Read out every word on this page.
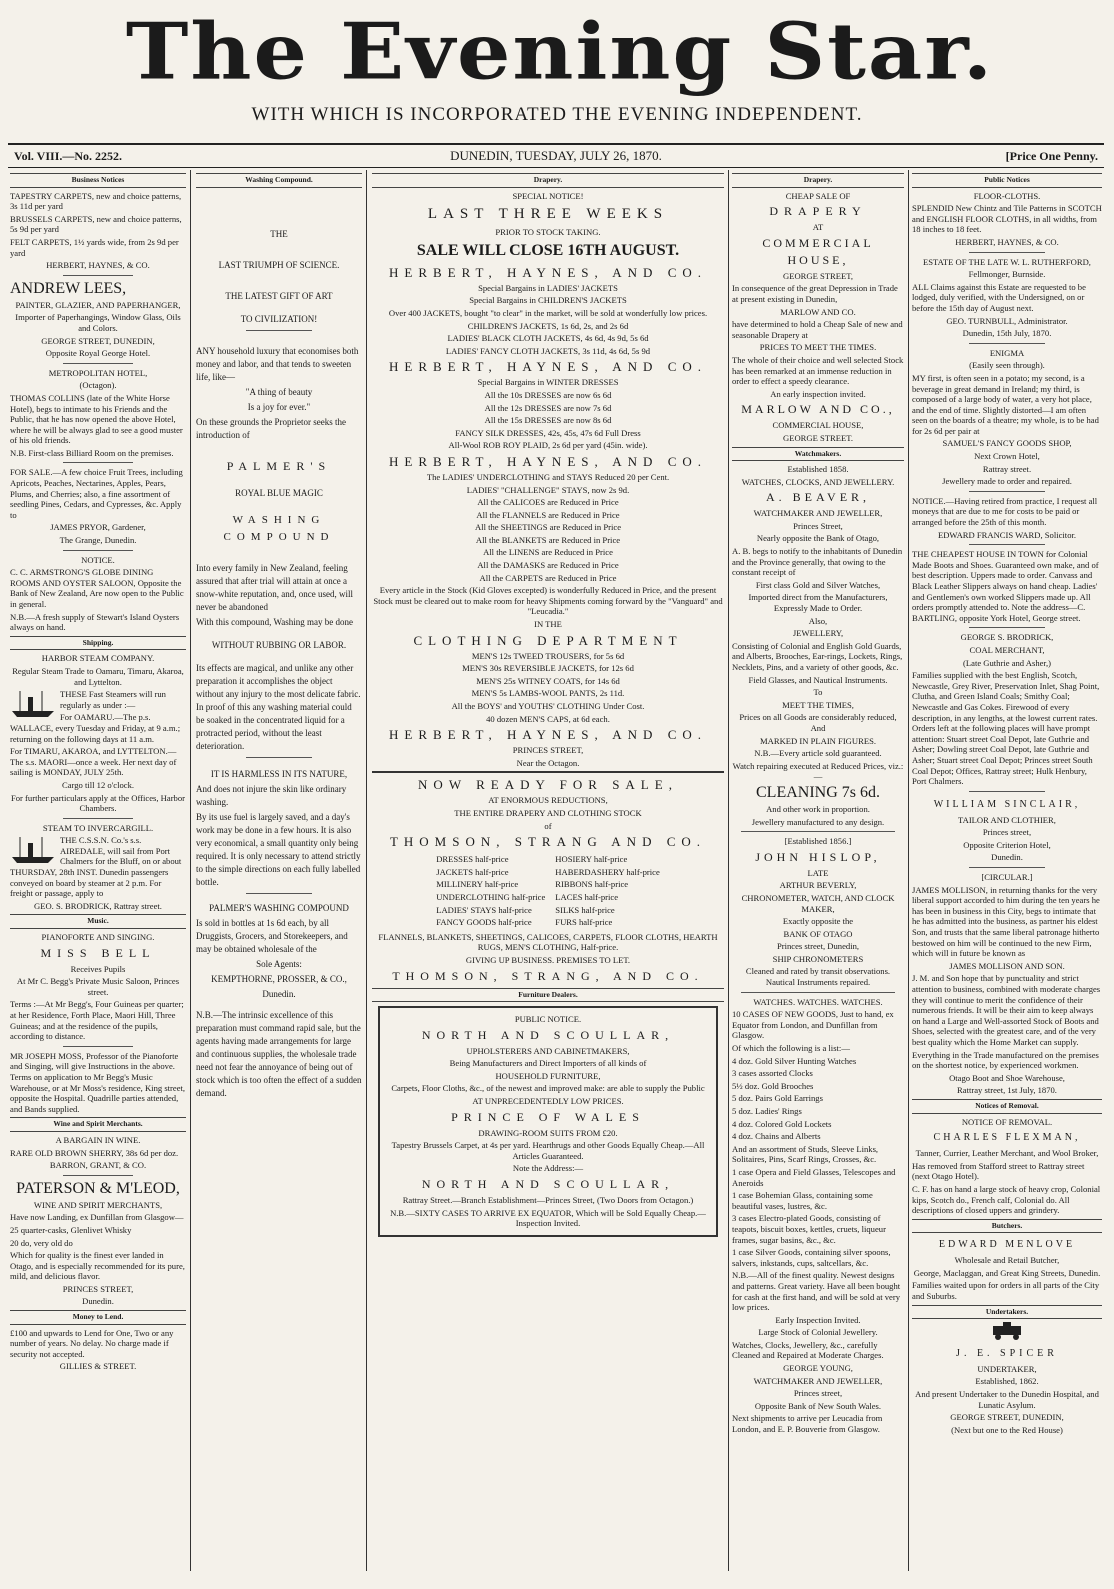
The Evening Star.
WITH WHICH IS INCORPORATED THE EVENING INDEPENDENT.
Vol. VIII.—No. 2252.	DUNEDIN, TUESDAY, JULY 26, 1870.	[Price One Penny.
Business Notices

TAPESTRY CARPETS, new and choice patterns, 3s 11d per yard

BRUSSELS CARPETS, new and choice patterns, 5s 9d per yard

FELT CARPETS, 1½ yards wide, from 2s 9d per yard

HERBERT, HAYNES, & CO.

ANDREW LEES,

PAINTER, GLAZIER, AND PAPERHANGER,

Importer of Paperhangings, Window Glass, Oils and Colors.

GEORGE STREET, DUNEDIN,

Opposite Royal George Hotel.

METROPOLITAN HOTEL,

(Octagon).

THOMAS COLLINS (late of the White Horse Hotel), begs to intimate to his Friends and the Public, that he has now opened the above Hotel, where he will be always glad to see a good muster of his old friends.

N.B. First-class Billiard Room on the premises.

FOR SALE.—A few choice Fruit Trees, including Apricots, Peaches, Nectarines, Apples, Pears, Plums, and Cherries; also, a fine assortment of seedling Pines, Cedars, and Cypresses, &c. Apply to

JAMES PRYOR, Gardener,

The Grange, Dunedin.

NOTICE.

C. C. ARMSTRONG'S GLOBE DINING ROOMS AND OYSTER SALOON, Opposite the Bank of New Zealand, Are now open to the Public in general.

N.B.—A fresh supply of Stewart's Island Oysters always on hand.

Shipping.

HARBOR STEAM COMPANY.

Regular Steam Trade to Oamaru, Timaru, Akaroa, and Lyttelton.

THESE Fast Steamers will run regularly as under :—

For OAMARU.—The p.s. WALLACE, every Tuesday and Friday, at 9 a.m.; returning on the following days at 11 a.m.

For TIMARU, AKAROA, and LYTTELTON.—The s.s. MAORI—once a week. Her next day of sailing is MONDAY, JULY 25th.

Cargo till 12 o'clock.

For further particulars apply at the Offices, Harbor Chambers.

STEAM TO INVERCARGILL.

THE C.S.S.N. Co.'s s.s. AIREDALE, will sail from Port Chalmers for the Bluff, on or about THURSDAY, 28th INST. Dunedin passengers conveyed on board by steamer at 2 p.m. For freight or passage, apply to

GEO. S. BRODRICK, Rattray street.

Music.

PIANOFORTE AND SINGING.

MISS BELL

Receives Pupils

At Mr C. Begg's Private Music Saloon, Princes street.

Terms :—At Mr Begg's, Four Guineas per quarter; at her Residence, Forth Place, Maori Hill, Three Guineas; and at the residence of the pupils, according to distance.

MR JOSEPH MOSS, Professor of the Pianoforte and Singing, will give Instructions in the above. Terms on application to Mr Begg's Music Warehouse, or at Mr Moss's residence, King street, opposite the Hospital. Quadrille parties attended, and Bands supplied.

Wine and Spirit Merchants.

A BARGAIN IN WINE.

RARE OLD BROWN SHERRY, 38s 6d per doz.

BARRON, GRANT, & CO.

PATERSON & M'LEOD,

WINE AND SPIRIT MERCHANTS,

Have now Landing, ex Dunfillan from Glasgow—

25 quarter-casks, Glenlivet Whisky

20 do, very old do

Which for quality is the finest ever landed in Otago, and is especially recommended for its pure, mild, and delicious flavor.

PRINCES STREET,

Dunedin.

Money to Lend.

£100 and upwards to Lend for One, Two or any number of years. No delay. No charge made if security not accepted.

GILLIES & STREET.

Washing Compound.

THE

LAST TRIUMPH OF SCIENCE.

THE LATEST GIFT OF ART

TO CIVILIZATION!

ANY household luxury that economises both money and labor, and that tends to sweeten life, like—

"A thing of beauty

Is a joy for ever."

On these grounds the Proprietor seeks the introduction of

PALMER'S

ROYAL BLUE MAGIC

WASHING COMPOUND

Into every family in New Zealand, feeling assured that after trial will attain at once a snow-white reputation, and, once used, will never be abandoned

With this compound, Washing may be done

WITHOUT RUBBING OR LABOR.

Its effects are magical, and unlike any other preparation it accomplishes the object without any injury to the most delicate fabric. In proof of this any washing material could be soaked in the concentrated liquid for a protracted period, without the least deterioration.

IT IS HARMLESS IN ITS NATURE,

And does not injure the skin like ordinary washing.

By its use fuel is largely saved, and a day's work may be done in a few hours. It is also very economical, a small quantity only being required. It is only necessary to attend strictly to the simple directions on each fully labelled bottle.

PALMER'S WASHING COMPOUND

Is sold in bottles at 1s 6d each, by all Druggists, Grocers, and Storekeepers, and may be obtained wholesale of the

Sole Agents:

KEMPTHORNE, PROSSER, & CO.,

Dunedin.

N.B.—The intrinsic excellence of this preparation must command rapid sale, but the agents having made arrangements for large and continuous supplies, the wholesale trade need not fear the annoyance of being out of stock which is too often the effect of a sudden demand.

Drapery.

SPECIAL NOTICE!

LAST THREE WEEKS

PRIOR TO STOCK TAKING.

SALE WILL CLOSE 16TH AUGUST.

HERBERT, HAYNES, AND CO.

Special Bargains in LADIES' JACKETS

Special Bargains in CHILDREN'S JACKETS

Over 400 JACKETS, bought "to clear" in the market, will be sold at wonderfully low prices.

CHILDREN'S JACKETS, 1s 6d, 2s, and 2s 6d

LADIES' BLACK CLOTH JACKETS, 4s 6d, 4s 9d, 5s 6d

LADIES' FANCY CLOTH JACKETS, 3s 11d, 4s 6d, 5s 9d

HERBERT, HAYNES, AND CO.

Special Bargains in WINTER DRESSES

All the 10s DRESSES are now 6s 6d

All the 12s DRESSES are now 7s 6d

All the 15s DRESSES are now 8s 6d

FANCY SILK DRESSES, 42s, 45s, 47s 6d Full Dress

All-Wool ROB ROY PLAID, 2s 6d per yard (45in. wide).

HERBERT, HAYNES, AND CO.

The LADIES' UNDERCLOTHING and STAYS Reduced 20 per Cent.

LADIES' "CHALLENGE" STAYS, now 2s 9d.

All the CALICOES are Reduced in Price

All the FLANNELS are Reduced in Price

All the SHEETINGS are Reduced in Price

All the BLANKETS are Reduced in Price

All the LINENS are Reduced in Price

All the DAMASKS are Reduced in Price

All the CARPETS are Reduced in Price

Every article in the Stock (Kid Gloves excepted) is wonderfully Reduced in Price, and the present Stock must be cleared out to make room for heavy Shipments coming forward by the "Vanguard" and "Leucadia."

IN THE

CLOTHING DEPARTMENT

MEN'S 12s TWEED TROUSERS, for 5s 6d

MEN'S 30s REVERSIBLE JACKETS, for 12s 6d

MEN'S 25s WITNEY COATS, for 14s 6d

MEN'S 5s LAMBS-WOOL PANTS, 2s 11d.

All the BOYS' and YOUTHS' CLOTHING Under Cost.

40 dozen MEN'S CAPS, at 6d each.

HERBERT, HAYNES, AND CO.

PRINCES STREET,

Near the Octagon.

NOW READY FOR SALE,

AT ENORMOUS REDUCTIONS,

THE ENTIRE DRAPERY AND CLOTHING STOCK

of

THOMSON, STRANG AND CO.

DRESSES half-price

JACKETS half-price

MILLINERY half-price

UNDERCLOTHING half-price

LADIES' STAYS half-price

FANCY GOODS half-price

HOSIERY half-price

HABERDASHERY half-price

RIBBONS half-price

LACES half-price

SILKS half-price

FURS half-price

FLANNELS, BLANKETS, SHEETINGS, CALICOES, CARPETS, FLOOR CLOTHS, HEARTH RUGS, MEN'S CLOTHING, Half-price.

GIVING UP BUSINESS. PREMISES TO LET.

THOMSON, STRANG, AND CO.

Furniture Dealers.

PUBLIC NOTICE.

NORTH AND SCOULLAR,

UPHOLSTERERS AND CABINETMAKERS,

Being Manufacturers and Direct Importers of all kinds of

HOUSEHOLD FURNITURE,

Carpets, Floor Cloths, &c., of the newest and improved make: are able to supply the Public

AT UNPRECEDENTEDLY LOW PRICES.

PRINCE OF WALES

DRAWING-ROOM SUITS FROM £20.

Tapestry Brussels Carpet, at 4s per yard. Hearthrugs and other Goods Equally Cheap.—All Articles Guaranteed.

Note the Address:—

NORTH AND SCOULLAR,

Rattray Street.—Branch Establishment—Princes Street, (Two Doors from Octagon.)

N.B.—SIXTY CASES TO ARRIVE EX EQUATOR, Which will be Sold Equally Cheap.—Inspection Invited.

Drapery.

CHEAP SALE OF

DRAPERY

AT

COMMERCIAL HOUSE,

GEORGE STREET,

In consequence of the great Depression in Trade at present existing in Dunedin,

MARLOW AND CO.

have determined to hold a Cheap Sale of new and seasonable Drapery at

PRICES TO MEET THE TIMES.

The whole of their choice and well selected Stock has been remarked at an immense reduction in order to effect a speedy clearance.

An early inspection invited.

MARLOW AND CO.,

COMMERCIAL HOUSE,

GEORGE STREET.

Watchmakers.

Established 1858.

WATCHES, CLOCKS, AND JEWELLERY.

A. BEAVER,

WATCHMAKER AND JEWELLER,

Princes Street,

Nearly opposite the Bank of Otago,

A. B. begs to notify to the inhabitants of Dunedin and the Province generally, that owing to the constant receipt of

First class Gold and Silver Watches,

Imported direct from the Manufacturers, Expressly Made to Order.

Also,

JEWELLERY,

Consisting of Colonial and English Gold Guards, and Alberts, Brooches, Ear-rings, Lockets, Rings, Necklets, Pins, and a variety of other goods, &c.

Field Glasses, and Nautical Instruments.

To

MEET THE TIMES,

Prices on all Goods are considerably reduced, And

MARKED IN PLAIN FIGURES.

N.B.—Every article sold guaranteed.

Watch repairing executed at Reduced Prices, viz.:—

CLEANING 7s 6d.

And other work in proportion.

Jewellery manufactured to any design.

[Established 1856.]

JOHN HISLOP,

LATE

ARTHUR BEVERLY,

CHRONOMETER, WATCH, AND CLOCK MAKER,

Exactly opposite the

BANK OF OTAGO

Princes street, Dunedin,

SHIP CHRONOMETERS

Cleaned and rated by transit observations. Nautical Instruments repaired.

WATCHES. WATCHES. WATCHES.

10 CASES OF NEW GOODS, Just to hand, ex Equator from London, and Dunfillan from Glasgow.

Of which the following is a list:—

4 doz. Gold Silver Hunting Watches

3 cases assorted Clocks

5½ doz. Gold Brooches

5 doz. Pairs Gold Earrings

5 doz. Ladies' Rings

4 doz. Colored Gold Lockets

4 doz. Chains and Alberts

And an assortment of Studs, Sleeve Links, Solitaires, Pins, Scarf Rings, Crosses, &c.

1 case Opera and Field Glasses, Telescopes and Aneroids

1 case Bohemian Glass, containing some beautiful vases, lustres, &c.

3 cases Electro-plated Goods, consisting of teapots, biscuit boxes, kettles, cruets, liqueur frames, sugar basins, &c., &c.

1 case Silver Goods, containing silver spoons, salvers, inkstands, cups, saltcellars, &c.

N.B.—All of the finest quality. Newest designs and patterns. Great variety. Have all been bought for cash at the first hand, and will be sold at very low prices.

Early Inspection Invited.

Large Stock of Colonial Jewellery.

Watches, Clocks, Jewellery, &c., carefully Cleaned and Repaired at Moderate Charges.

GEORGE YOUNG,

WATCHMAKER AND JEWELLER,

Princes street,

Opposite Bank of New South Wales.

Next shipments to arrive per Leucadia from London, and E. P. Bouverie from Glasgow.

Public Notices

FLOOR-CLOTHS.

SPLENDID New Chintz and Tile Patterns in SCOTCH and ENGLISH FLOOR CLOTHS, in all widths, from 18 inches to 18 feet.

HERBERT, HAYNES, & CO.

ESTATE OF THE LATE W. L. RUTHERFORD,

Fellmonger, Burnside.

ALL Claims against this Estate are requested to be lodged, duly verified, with the Undersigned, on or before the 15th day of August next.

GEO. TURNBULL, Administrator.

Dunedin, 15th July, 1870.

ENIGMA

(Easily seen through).

MY first, is often seen in a potato; my second, is a beverage in great demand in Ireland; my third, is composed of a large body of water, a very hot place, and the end of time. Slightly distorted—I am often seen on the boards of a theatre; my whole, is to be had for 2s 6d per pair at

SAMUEL'S FANCY GOODS SHOP,

Next Crown Hotel,

Rattray street.

Jewellery made to order and repaired.

NOTICE.—Having retired from practice, I request all moneys that are due to me for costs to be paid or arranged before the 25th of this month.

EDWARD FRANCIS WARD, Solicitor.

THE CHEAPEST HOUSE IN TOWN for Colonial Made Boots and Shoes. Guaranteed own make, and of best description. Uppers made to order. Canvass and Black Leather Slippers always on hand cheap. Ladies' and Gentlemen's own worked Slippers made up. All orders promptly attended to. Note the address—C. BARTLING, opposite York Hotel, George street.

GEORGE S. BRODRICK,

COAL MERCHANT,

(Late Guthrie and Asher,)

Families supplied with the best English, Scotch, Newcastle, Grey River, Preservation Inlet, Shag Point, Clutha, and Green Island Coals; Smithy Coal; Newcastle and Gas Cokes. Firewood of every description, in any lengths, at the lowest current rates. Orders left at the following places will have prompt attention: Stuart street Coal Depot, late Guthrie and Asher; Dowling street Coal Depot, late Guthrie and Asher; Stuart street Coal Depot; Princes street South Coal Depot; Offices, Rattray street; Hulk Henbury, Port Chalmers.

WILLIAM SINCLAIR,

TAILOR AND CLOTHIER,

Princes street,

Opposite Criterion Hotel,

Dunedin.

[CIRCULAR.]

JAMES MOLLISON, in returning thanks for the very liberal support accorded to him during the ten years he has been in business in this City, begs to intimate that he has admitted into the business, as partner his eldest Son, and trusts that the same liberal patronage hitherto bestowed on him will be continued to the new Firm, which will in future be known as

JAMES MOLLISON AND SON.

J. M. and Son hope that by punctuality and strict attention to business, combined with moderate charges they will continue to merit the confidence of their numerous friends. It will be their aim to keep always on hand a Large and Well-assorted Stock of Boots and Shoes, selected with the greatest care, and of the very best quality which the Home Market can supply.

Everything in the Trade manufactured on the premises on the shortest notice, by experienced workmen.

Otago Boot and Shoe Warehouse,

Rattray street, 1st July, 1870.

Notices of Removal.

NOTICE OF REMOVAL.

CHARLES FLEXMAN,

Tanner, Currier, Leather Merchant, and Wool Broker,

Has removed from Stafford street to Rattray street (next Otago Hotel).

C. F. has on hand a large stock of heavy crop, Colonial kips, Scotch do., French calf, Colonial do. All descriptions of closed uppers and grindery.

Butchers.

EDWARD MENLOVE

Wholesale and Retail Butcher,

George, Maclaggan, and Great King Streets, Dunedin.

Families waited upon for orders in all parts of the City and Suburbs.

Undertakers.

J. E. SPICER

UNDERTAKER,

Established, 1862.

And present Undertaker to the Dunedin Hospital, and Lunatic Asylum.

GEORGE STREET, DUNEDIN,

(Next but one to the Red House)
